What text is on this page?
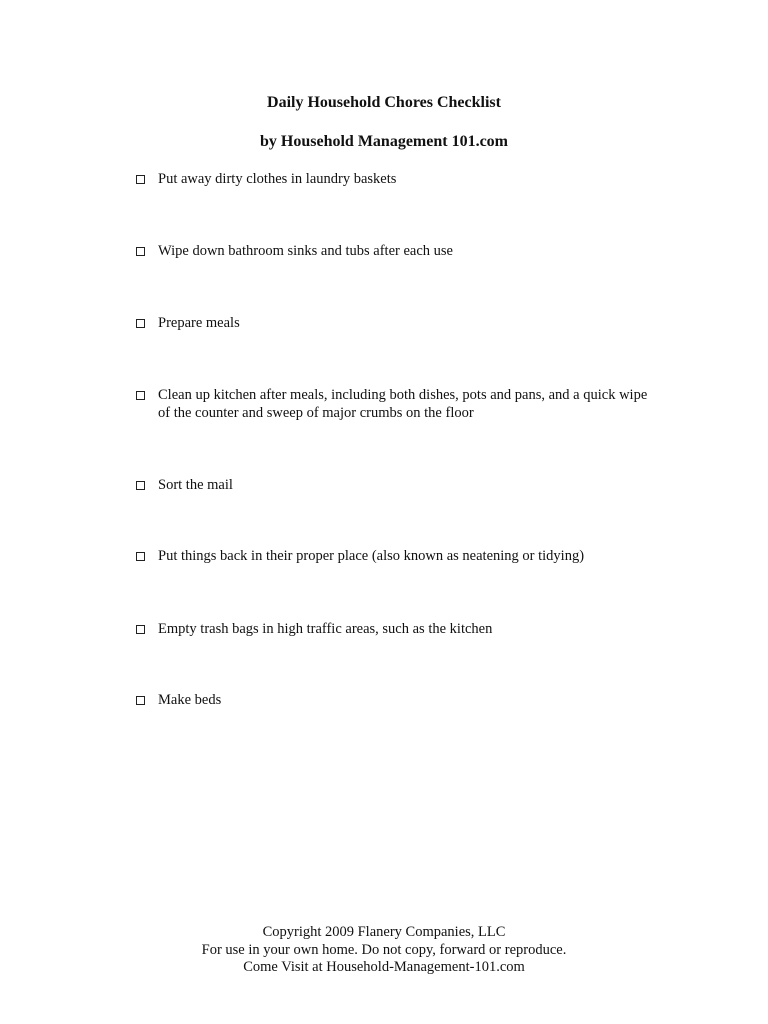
Daily Household Chores Checklist
by Household Management 101.com
Put away dirty clothes in laundry baskets
Wipe down bathroom sinks and tubs after each use
Prepare meals
Clean up kitchen after meals, including both dishes, pots and pans, and a quick wipe of the counter and sweep of major crumbs on the floor
Sort the mail
Put things back in their proper place (also known as neatening or tidying)
Empty trash bags in high traffic areas, such as the kitchen
Make beds
Copyright 2009 Flanery Companies, LLC
For use in your own home. Do not copy, forward or reproduce.
Come Visit at Household-Management-101.com
